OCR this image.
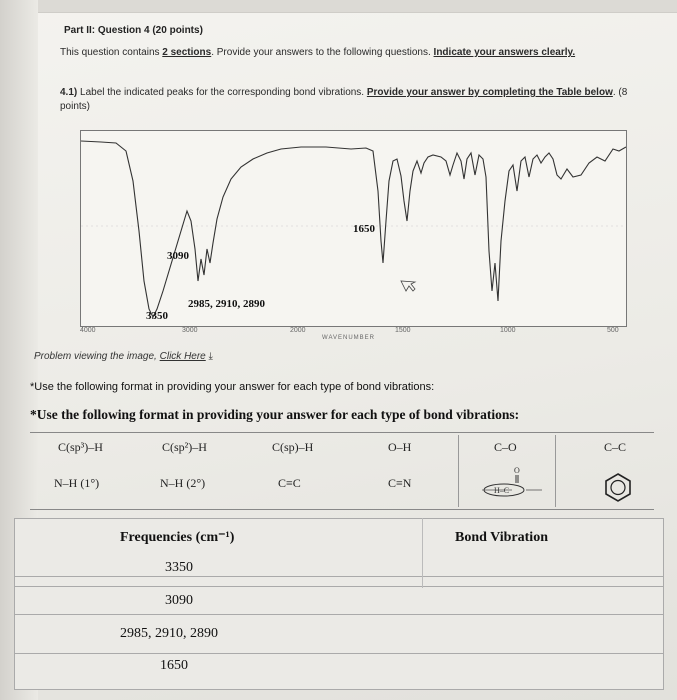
Part II: Question 4 (20 points)
This question contains 2 sections. Provide your answers to the following questions. Indicate your answers clearly.
4.1) Label the indicated peaks for the corresponding bond vibrations. Provide your answer by completing the Table below. (8 points)
3090
3350
2985, 2910, 2890
1650
4000	3000	2000	1500	1000	500
WAVENUMBER
Problem viewing the image, Click Here ⤓
*Use the following format in providing your answer for each type of bond vibrations:
*Use the following format in providing your answer for each type of bond vibrations:
C(sp³)–H	C(sp²)–H	C(sp)–H	O–H	C–O	C–C
N–H (1°)	N–H (2°)	C≡C	C≡N
O
H–C
Frequencies (cm⁻¹)	Bond Vibration
3350
3090
2985, 2910, 2890
1650
